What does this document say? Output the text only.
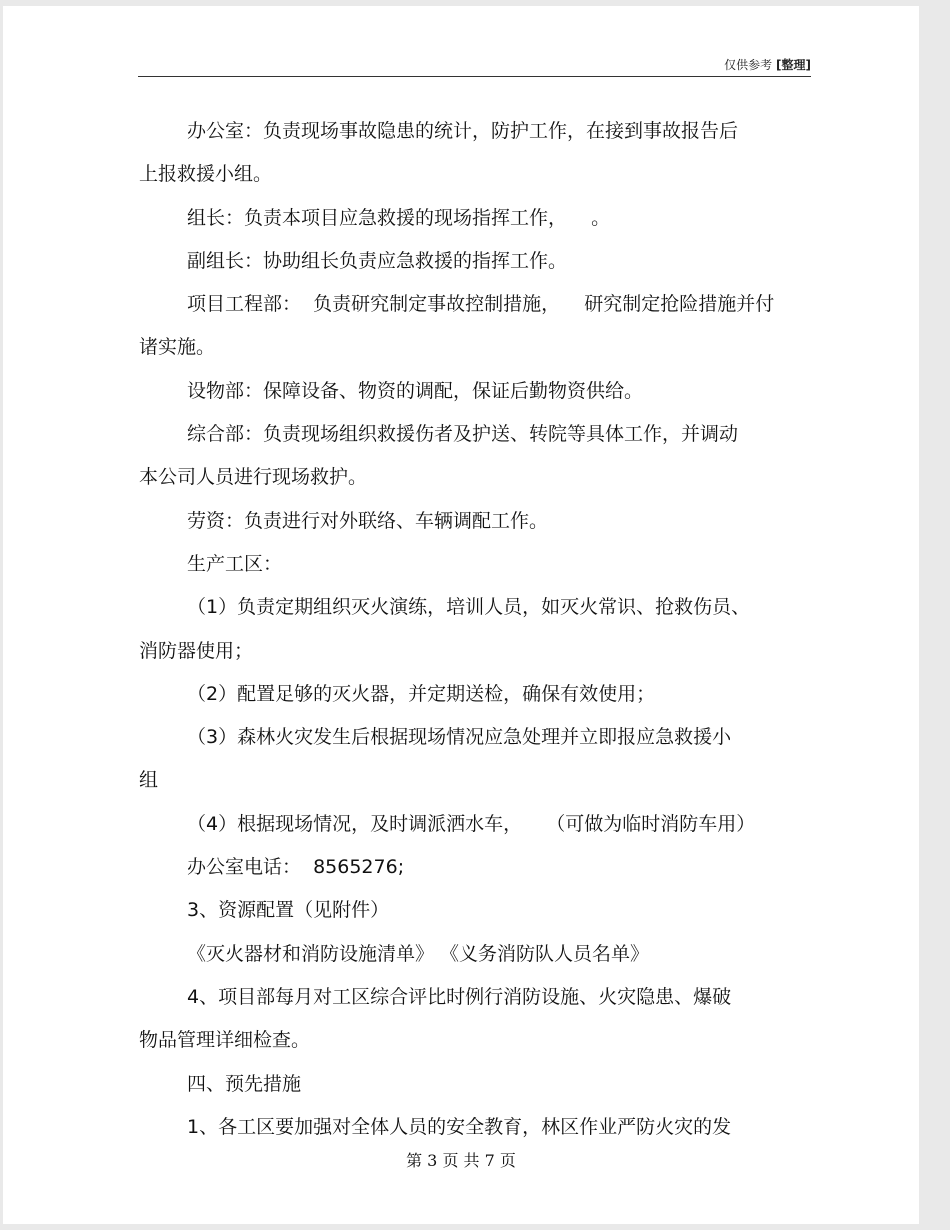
仅供参考 [整理]
办公室：负责现场事故隐患的统计，防护工作，在接到事故报告后
上报救援小组。
组长：负责本项目应急救援的现场指挥工作，    。
副组长：协助组长负责应急救援的指挥工作。
项目工程部：  负责研究制定事故控制措施，    研究制定抢险措施并付
诸实施。
设物部：保障设备、物资的调配，保证后勤物资供给。
综合部：负责现场组织救援伤者及护送、转院等具体工作，并调动
本公司人员进行现场救护。
劳资：负责进行对外联络、车辆调配工作。
生产工区：
（1）负责定期组织灭火演练，培训人员，如灭火常识、抢救伤员、
消防器使用；
（2）配置足够的灭火器，并定期送检，确保有效使用；
（3）森林火灾发生后根据现场情况应急处理并立即报应急救援小
组
（4）根据现场情况，及时调派洒水车，    （可做为临时消防车用）
办公室电话：  8565276;
3、资源配置（见附件）
《灭火器材和消防设施清单》 《义务消防队人员名单》
4、项目部每月对工区综合评比时例行消防设施、火灾隐患、爆破
物品管理详细检查。
四、预先措施
1、各工区要加强对全体人员的安全教育，林区作业严防火灾的发
第 3 页 共 7 页
